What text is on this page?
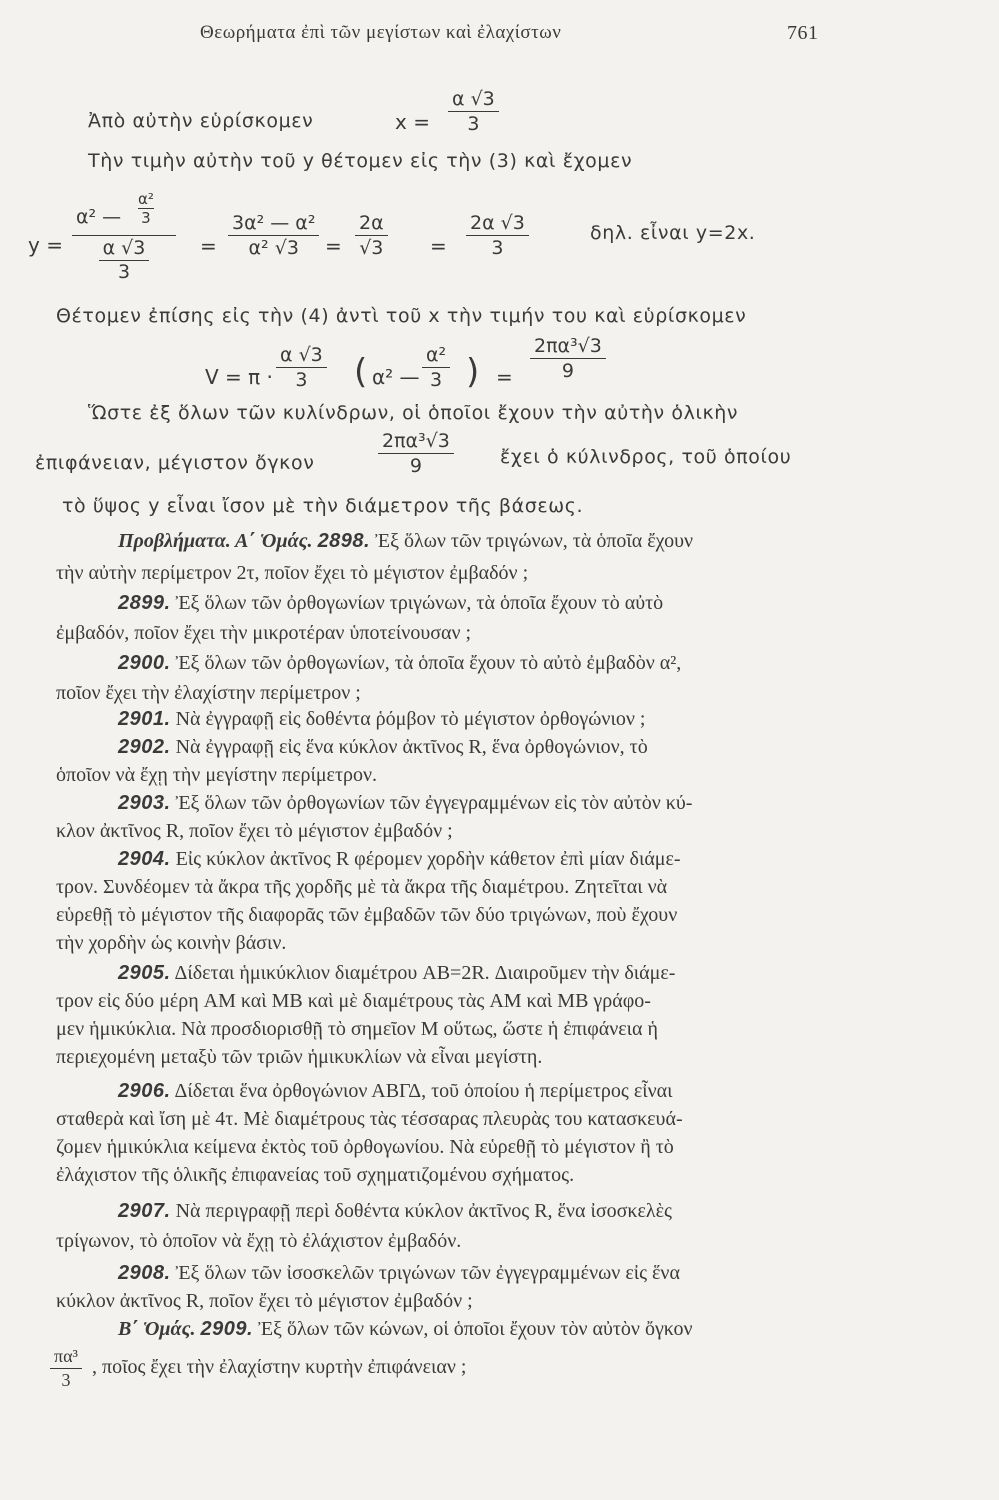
Θεωρήματα ἐπὶ τῶν μεγίστων καὶ ἐλαχίστων	761
Ἀπὸ αὐτὴν εὑρίσκομεν	$x = \frac{\alpha √3}{3}$
Τὴν τιμὴν αὐτὴν τοῦ y θέτομεν εἰς τὴν (3) καὶ ἔχομεν
y = α² — $\frac{\text{α²}}{3}$
α √3
$3 = \frac{\text{3α² — α²}}{\text{α² √3}} = \frac{2\alpha}{√3} = \frac{2\alpha √3}{3}$	δηλ. εἶναι y=2x.
Θέτομεν ἐπίσης εἰς τὴν (4) ἀντὶ τοῦ x τὴν τιμήν του καὶ εὑρίσκομεν
$V = \pi \cdot \frac{\alpha √3}{3}$ ( α² — $\frac{\text{α²}}{3}$ ) = $\frac{\text{2πα³√3}}{9}$
Ὥστε ἐξ ὅλων τῶν κυλίνδρων, οἱ ὁποῖοι ἔχουν τὴν αὐτὴν ὁλικὴν
ἐπιφάνειαν, μέγιστον ὄγκον	$\frac{\text{2πα³√3}}{9}$ ἔχει ὁ κύλινδρος, τοῦ ὁποίου
τὸ ὕψος y εἶναι ἴσον μὲ τὴν διάμετρον τῆς βάσεως.
Προβλήματα. Α΄ Ὁμάς. 2898. Ἐξ ὅλων τῶν τριγώνων, τὰ ὁποῖα ἔχουν
τὴν αὐτὴν περίμετρον 2τ, ποῖον ἔχει τὸ μέγιστον ἐμβαδόν ;
2899. Ἐξ ὅλων τῶν ὀρθογωνίων τριγώνων, τὰ ὁποῖα ἔχουν τὸ αὐτὸ
ἐμβαδόν, ποῖον ἔχει τὴν μικροτέραν ὑποτείνουσαν ;
2900. Ἐξ ὅλων τῶν ὀρθογωνίων, τὰ ὁποῖα ἔχουν τὸ αὐτὸ ἐμβαδὸν α²,
ποῖον ἔχει τὴν ἐλαχίστην περίμετρον ;
2901. Νὰ ἐγγραφῇ εἰς δοθέντα ῥόμβον τὸ μέγιστον ὀρθογώνιον ;
2902. Νὰ ἐγγραφῇ εἰς ἕνα κύκλον ἀκτῖνος R, ἕνα ὀρθογώνιον, τὸ
ὁποῖον νὰ ἔχῃ τὴν μεγίστην περίμετρον.
2903. Ἐξ ὅλων τῶν ὀρθογωνίων τῶν ἐγγεγραμμένων εἰς τὸν αὐτὸν κύ-
κλον ἀκτῖνος R, ποῖον ἔχει τὸ μέγιστον ἐμβαδόν ;
2904. Εἰς κύκλον ἀκτῖνος R φέρομεν χορδὴν κάθετον ἐπὶ μίαν διάμε-
τρον. Συνδέομεν τὰ ἄκρα τῆς χορδῆς μὲ τὰ ἄκρα τῆς διαμέτρου. Ζητεῖται νὰ
εὑρεθῇ τὸ μέγιστον τῆς διαφορᾶς τῶν ἐμβαδῶν τῶν δύο τριγώνων, ποὺ ἔχουν
τὴν χορδὴν ὡς κοινὴν βάσιν.
2905. Δίδεται ἡμικύκλιον διαμέτρου AB=2R. Διαιροῦμεν τὴν διάμε-
τρον εἰς δύο μέρη AM καὶ MB καὶ μὲ διαμέτρους τὰς AM καὶ MB γράφο-
μεν ἡμικύκλια. Νὰ προσδιορισθῇ τὸ σημεῖον M οὕτως, ὥστε ἡ ἐπιφάνεια ἡ
περιεχομένη μεταξὺ τῶν τριῶν ἡμικυκλίων νὰ εἶναι μεγίστη.
2906. Δίδεται ἕνα ὀρθογώνιον ΑΒΓΔ, τοῦ ὁποίου ἡ περίμετρος εἶναι
σταθερὰ καὶ ἴση μὲ 4τ. Μὲ διαμέτρους τὰς τέσσαρας πλευρὰς του κατασκευά-
ζομεν ἡμικύκλια κείμενα ἐκτὸς τοῦ ὀρθογωνίου. Νὰ εὑρεθῇ τὸ μέγιστον ἢ τὸ
ἐλάχιστον τῆς ὁλικῆς ἐπιφανείας τοῦ σχηματιζομένου σχήματος.
2907. Νὰ περιγραφῇ περὶ δοθέντα κύκλον ἀκτῖνος R, ἕνα ἰσοσκελὲς
τρίγωνον, τὸ ὁποῖον νὰ ἔχῃ τὸ ἐλάχιστον ἐμβαδόν.
2908. Ἐξ ὅλων τῶν ἰσοσκελῶν τριγώνων τῶν ἐγγεγραμμένων εἰς ἕνα
κύκλον ἀκτῖνος R, ποῖον ἔχει τὸ μέγιστον ἐμβαδόν ;
Β΄ Ὁμάς. 2909. Ἐξ ὅλων τῶν κώνων, οἱ ὁποῖοι ἔχουν τὸν αὐτὸν ὄγκον
$\frac{\text{πα³}}{3}$ , ποῖος ἔχει τὴν ἐλαχίστην κυρτὴν ἐπιφάνειαν ;
